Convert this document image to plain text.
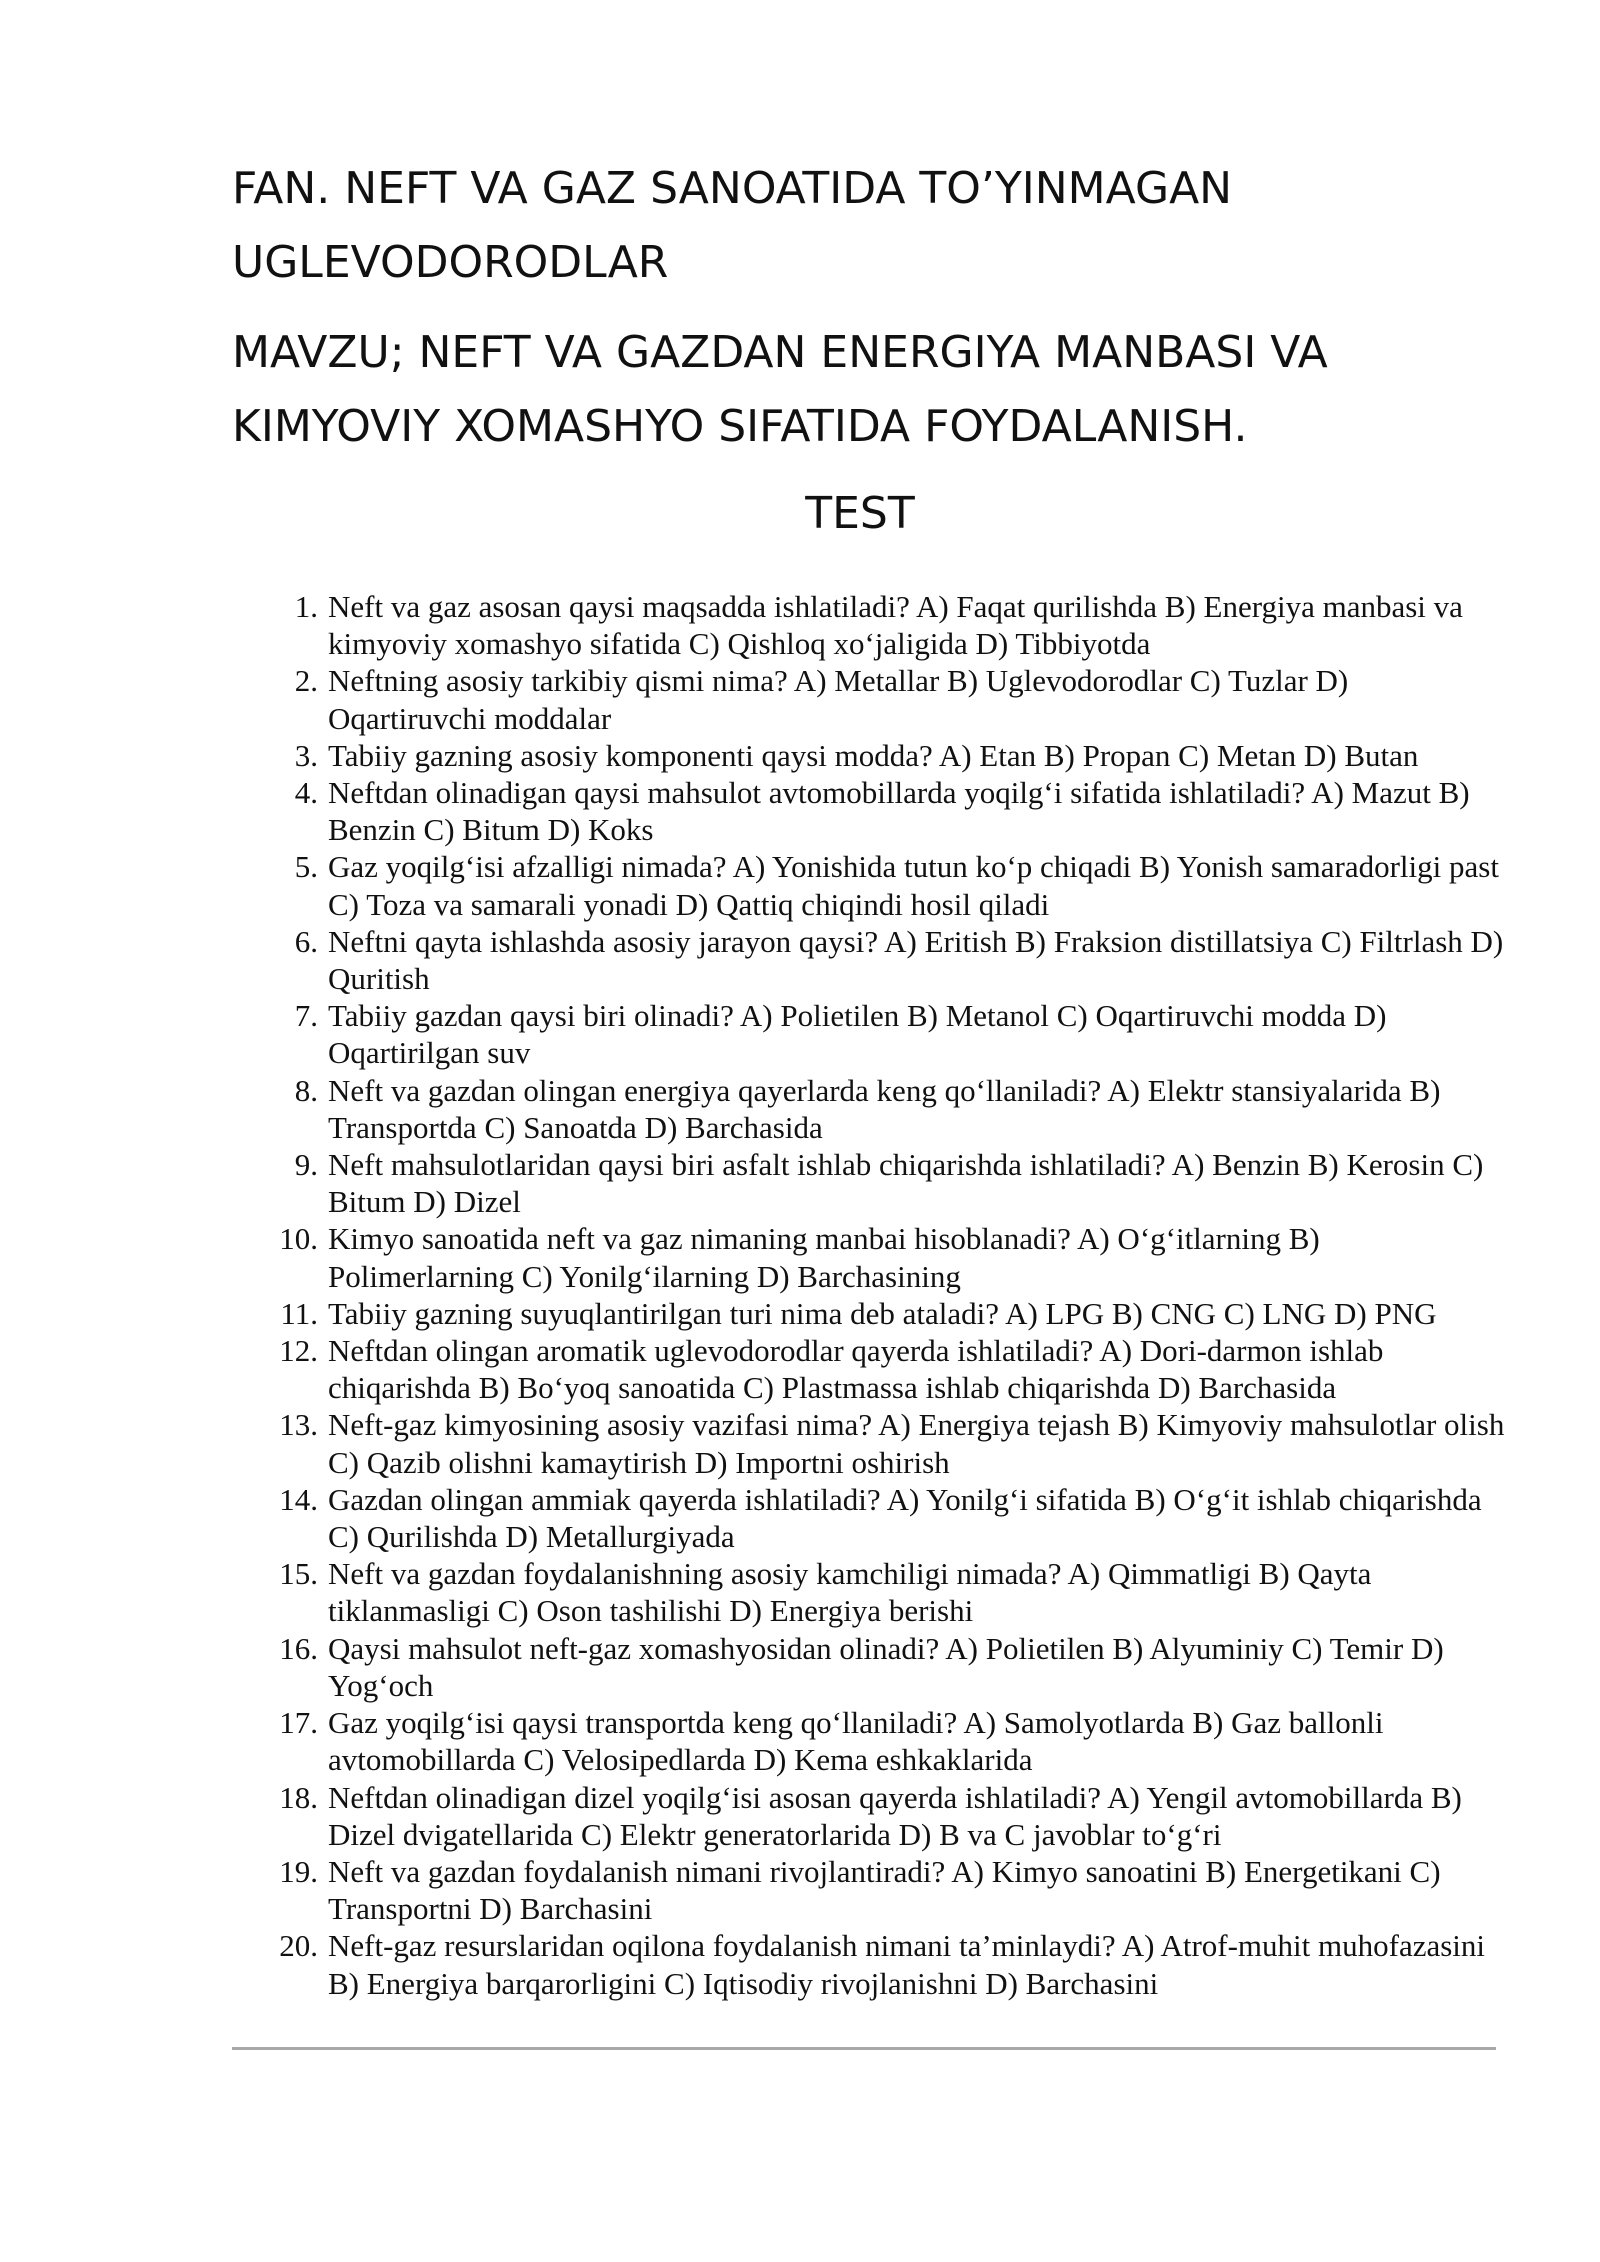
FAN. NEFT VA GAZ SANOATIDA TO’YINMAGAN UGLEVODORODLAR
MAVZU; NEFT VA GAZDAN ENERGIYA MANBASI VA KIMYOVIY XOMASHYO SIFATIDA FOYDALANISH.
TEST
1. Neft va gaz asosan qaysi maqsadda ishlatiladi? A) Faqat qurilishda B) Energiya manbasi va kimyoviy xomashyo sifatida C) Qishloq xo‘jaligida D) Tibbiyotda
2. Neftning asosiy tarkibiy qismi nima? A) Metallar B) Uglevodorodlar C) Tuzlar D) Oqartiruvchi moddalar
3. Tabiiy gazning asosiy komponenti qaysi modda? A) Etan B) Propan C) Metan D) Butan
4. Neftdan olinadigan qaysi mahsulot avtomobillarda yoqilg‘i sifatida ishlatiladi? A) Mazut B) Benzin C) Bitum D) Koks
5. Gaz yoqilg‘isi afzalligi nimada? A) Yonishida tutun ko‘p chiqadi B) Yonish samaradorligi past C) Toza va samarali yonadi D) Qattiq chiqindi hosil qiladi
6. Neftni qayta ishlashda asosiy jarayon qaysi? A) Eritish B) Fraksion distillatsiya C) Filtrlash D) Quritish
7. Tabiiy gazdan qaysi biri olinadi? A) Polietilen B) Metanol C) Oqartiruvchi modda D) Oqartirilgan suv
8. Neft va gazdan olingan energiya qayerlarda keng qo‘llaniladi? A) Elektr stansiyalarida B) Transportda C) Sanoatda D) Barchasida
9. Neft mahsulotlaridan qaysi biri asfalt ishlab chiqarishda ishlatiladi? A) Benzin B) Kerosin C) Bitum D) Dizel
10. Kimyo sanoatida neft va gaz nimaning manbai hisoblanadi? A) O‘g‘itlarning B) Polimerlarning C) Yonilg‘ilarning D) Barchasining
11. Tabiiy gazning suyuqlantirilgan turi nima deb ataladi? A) LPG B) CNG C) LNG D) PNG
12. Neftdan olingan aromatik uglevodorodlar qayerda ishlatiladi? A) Dori-darmon ishlab chiqarishda B) Bo‘yoq sanoatida C) Plastmassa ishlab chiqarishda D) Barchasida
13. Neft-gaz kimyosining asosiy vazifasi nima? A) Energiya tejash B) Kimyoviy mahsulotlar olish C) Qazib olishni kamaytirish D) Importni oshirish
14. Gazdan olingan ammiak qayerda ishlatiladi? A) Yonilg‘i sifatida B) O‘g‘it ishlab chiqarishda C) Qurilishda D) Metallurgiyada
15. Neft va gazdan foydalanishning asosiy kamchiligi nimada? A) Qimmatligi B) Qayta tiklanmasligi C) Oson tashilishi D) Energiya berishi
16. Qaysi mahsulot neft-gaz xomashyosidan olinadi? A) Polietilen B) Alyuminiy C) Temir D) Yog‘och
17. Gaz yoqilg‘isi qaysi transportda keng qo‘llaniladi? A) Samolyotlarda B) Gaz ballonli avtomobillarda C) Velosipedlarda D) Kema eshkaklarida
18. Neftdan olinadigan dizel yoqilg‘isi asosan qayerda ishlatiladi? A) Yengil avtomobillarda B) Dizel dvigatellarida C) Elektr generatorlarida D) B va C javoblar to‘g‘ri
19. Neft va gazdan foydalanish nimani rivojlantiradi? A) Kimyo sanoatini B) Energetikani C) Transportni D) Barchasini
20. Neft-gaz resurslaridan oqilona foydalanish nimani ta’minlaydi? A) Atrof-muhit muhofazasini B) Energiya barqarorligini C) Iqtisodiy rivojlanishni D) Barchasini
